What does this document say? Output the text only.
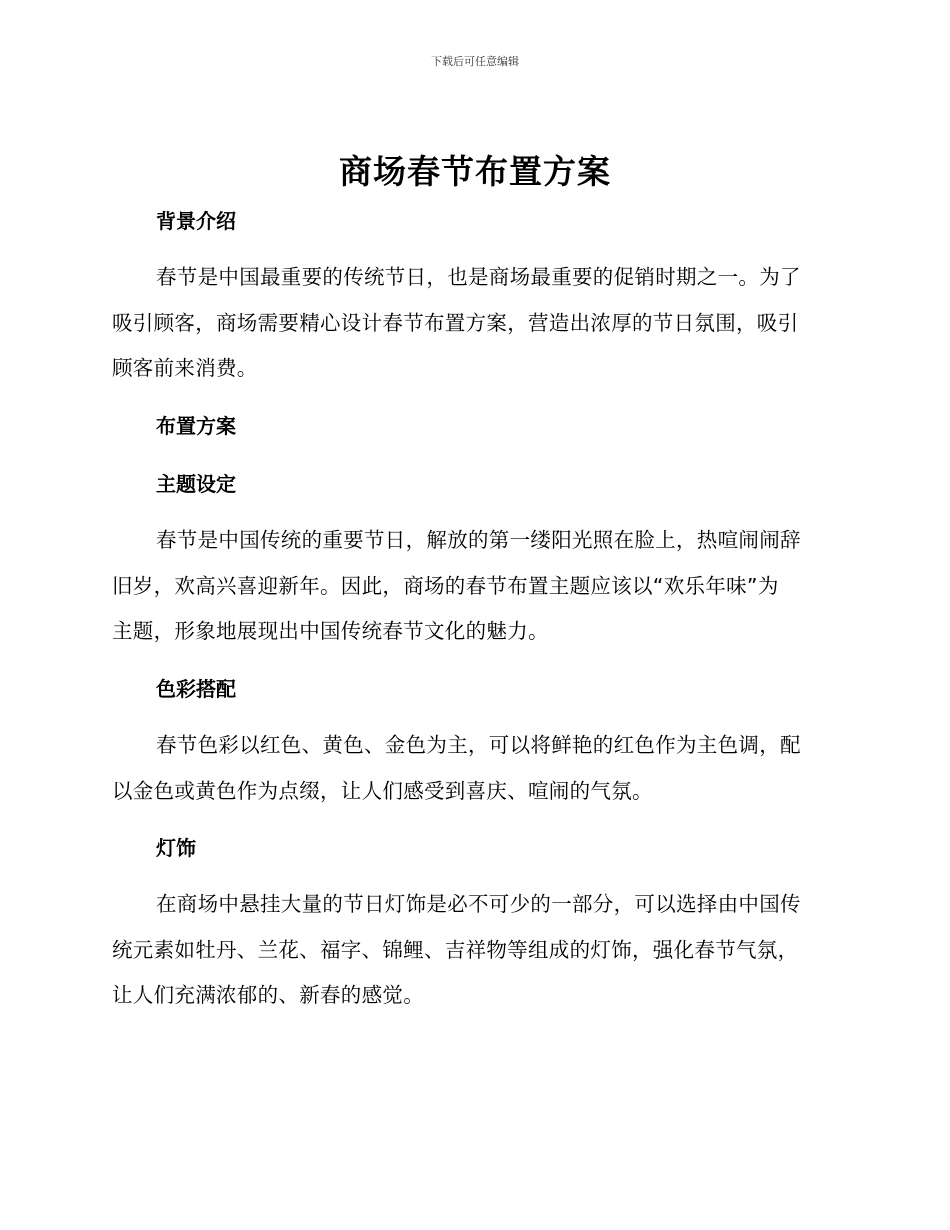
下载后可任意编辑
商场春节布置方案
背景介绍
春节是中国最重要的传统节日，也是商场最重要的促销时期之一。为了
吸引顾客，商场需要精心设计春节布置方案，营造出浓厚的节日氛围，吸引
顾客前来消费。
布置方案
主题设定
春节是中国传统的重要节日，解放的第一缕阳光照在脸上，热喧闹闹辞
旧岁，欢高兴喜迎新年。因此，商场的春节布置主题应该以“欢乐年味”为
主题，形象地展现出中国传统春节文化的魅力。
色彩搭配
春节色彩以红色、黄色、金色为主，可以将鲜艳的红色作为主色调，配
以金色或黄色作为点缀，让人们感受到喜庆、喧闹的气氛。
灯饰
在商场中悬挂大量的节日灯饰是必不可少的一部分，可以选择由中国传
统元素如牡丹、兰花、福字、锦鲤、吉祥物等组成的灯饰，强化春节气氛，
让人们充满浓郁的、新春的感觉。
